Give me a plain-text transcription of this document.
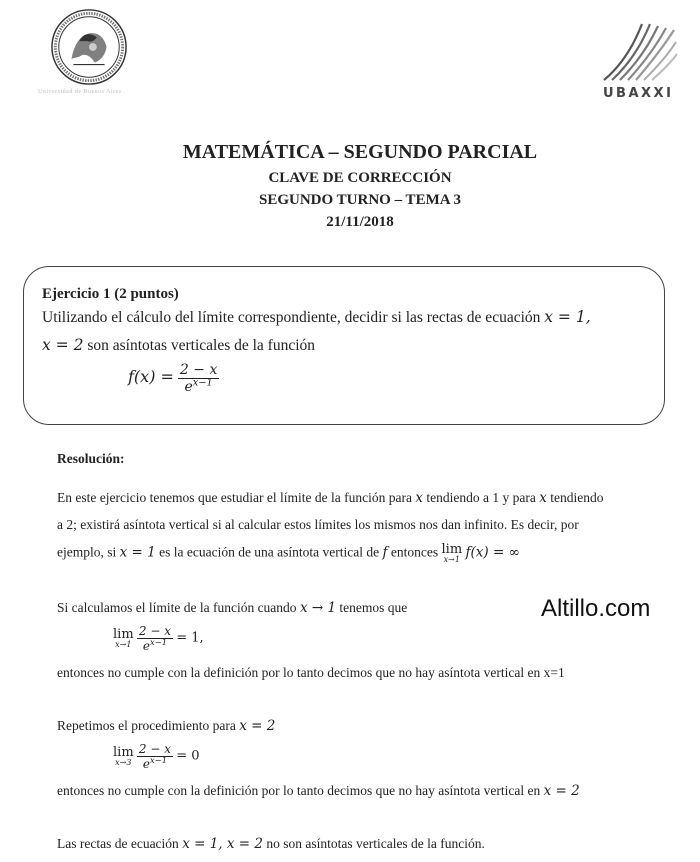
Universidad de Buenos Aires	UBAXXI
MATEMÁTICA – SEGUNDO PARCIAL
CLAVE DE CORRECCIÓN
SEGUNDO TURNO – TEMA 3
21/11/2018
Ejercicio 1 (2 puntos)
Utilizando el cálculo del límite correspondiente, decidir si las rectas de ecuación x = 1,
x = 2 son asíntotas verticales de la función
$f(x) = \frac{2 - x}{e^{x-1}}$
Resolución:
En este ejercicio tenemos que estudiar el límite de la función para x tendiendo a 1 y para x tendiendo
a 2; existirá asíntota vertical si al calcular estos límites los mismos nos dan infinito. Es decir, por
ejemplo, si x = 1 es la ecuación de una asíntota vertical de f entonces lim
x→1 f(x) = ∞
Si calculamos el límite de la función cuando x → 1 tenemos que
lim
x→1
$\frac{2 - x}{e^{x-1}} = 1$,
entonces no cumple con la definición por lo tanto decimos que no hay asíntota vertical en x=1
Repetimos el procedimiento para x = 2
lim
x→3
$\frac{2 - x}{e^{x-1}} = 0$
entonces no cumple con la definición por lo tanto decimos que no hay asíntota vertical en x = 2
Las rectas de ecuación x = 1, x = 2 no son asíntotas verticales de la función.
Altillo.com
